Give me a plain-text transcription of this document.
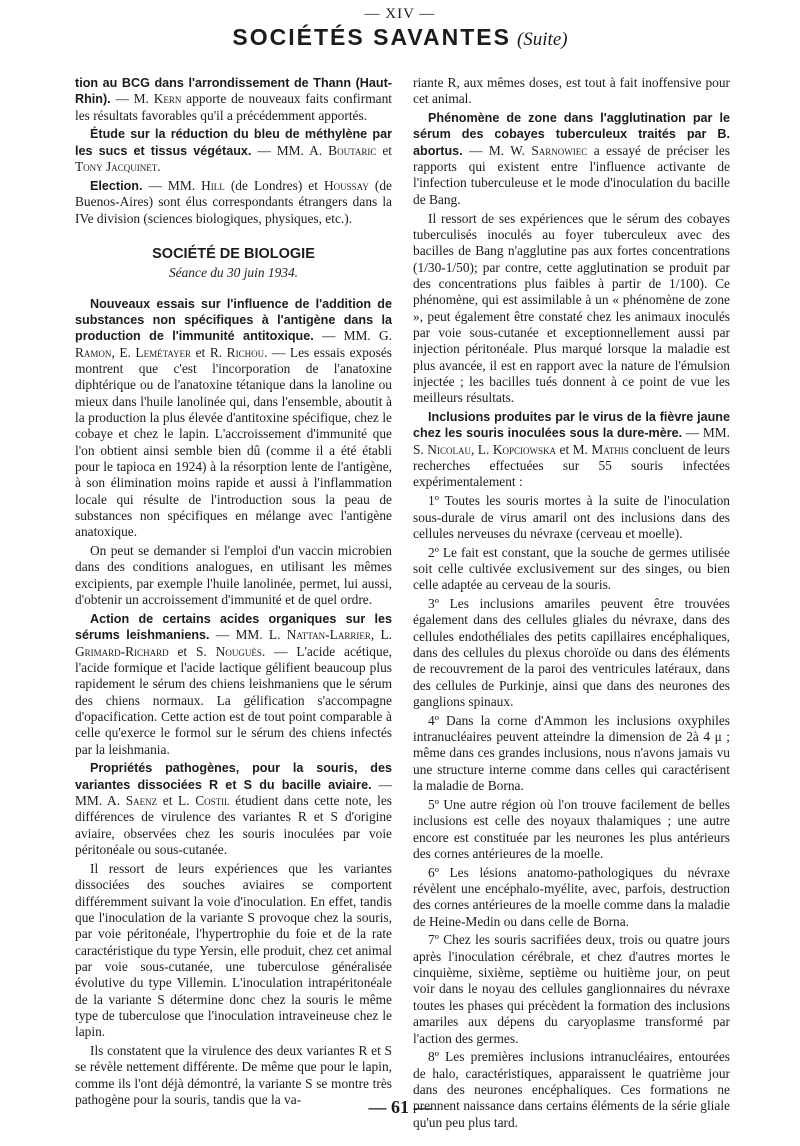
— XIV —
SOCIÉTÉS SAVANTES (Suite)

tion au BCG dans l'arrondissement de Thann (Haut-Rhin). — M. Kern apporte de nouveaux faits confirmant les résultats favorables qu'il a précédemment apportés.

Étude sur la réduction du bleu de méthylène par les sucs et tissus végétaux. — MM. A. Boutaric et Tony Jacquinet.

Election. — MM. Hill (de Londres) et Houssay (de Buenos-Aires) sont élus correspondants étrangers dans la IVe division (sciences biologiques, physiques, etc.).

SOCIÉTÉ DE BIOLOGIE
Séance du 30 juin 1934.

Nouveaux essais sur l'influence de l'addition de substances non spécifiques à l'antigène dans la production de l'immunité antitoxique. — MM. G. Ramon, E. Lemétayer et R. Richou. — Les essais exposés montrent que c'est l'incorporation de l'anatoxine diphtérique ou de l'anatoxine tétanique dans la lanoline ou mieux dans l'huile lanolinée qui, dans l'ensemble, aboutit à la production la plus élevée d'antitoxine spécifique, chez le cobaye et chez le lapin. L'accroissement d'immunité que l'on obtient ainsi semble bien dû (comme il a été établi pour le tapioca en 1924) à la résorption lente de l'antigène, à son élimination moins rapide et aussi à l'inflammation locale qui résulte de l'introduction sous la peau de substances non spécifiques en mélange avec l'antigène anatoxique.

On peut se demander si l'emploi d'un vaccin microbien dans des conditions analogues, en utilisant les mêmes excipients, par exemple l'huile lanolinée, permet, lui aussi, d'obtenir un accroissement d'immunité et de quel ordre.

Action de certains acides organiques sur les sérums leishmaniens. — MM. L. Nattan-Larrier, L. Grimard-Richard et S. Nouguès. — L'acide acétique, l'acide formique et l'acide lactique gélifient beaucoup plus rapidement le sérum des chiens leishmaniens que le sérum des chiens normaux. La gélification s'accompagne d'opacification. Cette action est de tout point comparable à celle qu'exerce le formol sur le sérum des chiens infectés par la leishmania.

Propriétés pathogènes, pour la souris, des variantes dissociées R et S du bacille aviaire. — MM. A. Saenz et L. Costil étudient dans cette note, les différences de virulence des variantes R et S d'origine aviaire, observées chez les souris inoculées par voie péritonéale ou sous-cutanée.

Il ressort de leurs expériences que les variantes dissociées des souches aviaires se comportent différemment suivant la voie d'inoculation. En effet, tandis que l'inoculation de la variante S provoque chez la souris, par voie péritonéale, l'hypertrophie du foie et de la rate caractéristique du type Yersin, elle produit, chez cet animal par voie sous-cutanée, une tuberculose généralisée évolutive du type Villemin. L'inoculation intrapéritonéale de la variante S détermine donc chez la souris le même type de tuberculose que l'inoculation intraveineuse chez le lapin.

Ils constatent que la virulence des deux variantes R et S se révèle nettement différente. De même que pour le lapin, comme ils l'ont déjà démontré, la variante S se montre très pathogène pour la souris, tandis que la va-

riante R, aux mêmes doses, est tout à fait inoffensive pour cet animal.

Phénomène de zone dans l'agglutination par le sérum des cobayes tuberculeux traités par B. abortus. — M. W. Sarnowiec a essayé de préciser les rapports qui existent entre l'influence activante de l'infection tuberculeuse et le mode d'inoculation du bacille de Bang.

Il ressort de ses expériences que le sérum des cobayes tuberculisés inoculés au foyer tuberculeux avec des bacilles de Bang n'agglutine pas aux fortes concentrations (1/30-1/50); par contre, cette agglutination se produit par des concentrations plus faibles à partir de 1/100). Ce phénomène, qui est assimilable à un « phénomène de zone », peut également être constaté chez les animaux inoculés par voie sous-cutanée et exceptionnellement aussi par injection péritonéale. Plus marqué lorsque la maladie est plus avancée, il est en rapport avec la nature de l'émulsion injectée ; les bacilles tués donnent à ce point de vue les meilleurs résultats.

Inclusions produites par le virus de la fièvre jaune chez les souris inoculées sous la dure-mère. — MM. S. Nicolau, L. Kopciowska et M. Mathis concluent de leurs recherches effectuées sur 55 souris infectées expérimentalement :

1º Toutes les souris mortes à la suite de l'inoculation sous-durale de virus amaril ont des inclusions dans des cellules nerveuses du névraxe (cerveau et moelle).

2º Le fait est constant, que la souche de germes utilisée soit celle cultivée exclusivement sur des singes, ou bien celle adaptée au cerveau de la souris.

3º Les inclusions amariles peuvent être trouvées également dans des cellules gliales du névraxe, dans des cellules endothéliales des petits capillaires encéphaliques, dans des cellules du plexus choroïde ou dans des éléments de recouvrement de la paroi des ventricules latéraux, dans des cellules de Purkinje, ainsi que dans des neurones des ganglions spinaux.

4º Dans la corne d'Ammon les inclusions oxyphiles intranucléaires peuvent atteindre la dimension de 2à 4 μ ; même dans ces grandes inclusions, nous n'avons jamais vu une structure interne comme dans celles qui caractérisent la maladie de Borna.

5º Une autre région où l'on trouve facilement de belles inclusions est celle des noyaux thalamiques ; une autre encore est constituée par les neurones les plus antérieurs des cornes antérieures de la moelle.

6º Les lésions anatomo-pathologiques du névraxe révèlent une encéphalo-myélite, avec, parfois, destruction des cornes antérieures de la moelle comme dans la maladie de Heine-Medin ou dans celle de Borna.

7º Chez les souris sacrifiées deux, trois ou quatre jours après l'inoculation cérébrale, et chez d'autres mortes le cinquième, sixième, septième ou huitième jour, on peut voir dans le noyau des cellules ganglionnaires du névraxe toutes les phases qui précèdent la formation des inclusions amariles aux dépens du caryoplasme transformé par l'action des germes.

8º Les premières inclusions intranucléaires, entourées de halo, caractéristiques, apparaissent le quatrième jour dans des neurones encéphaliques. Ces formations ne prennent naissance dans certains éléments de la série gliale qu'un peu plus tard.

— 61 —
